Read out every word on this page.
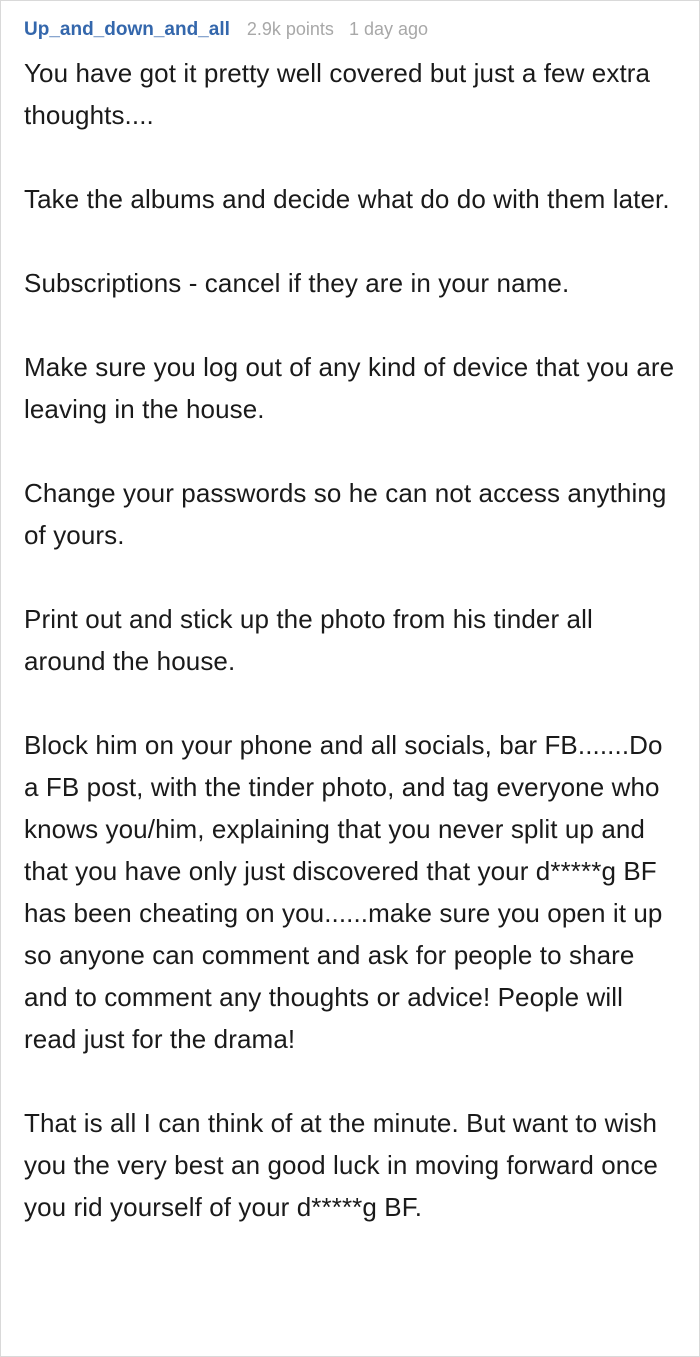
Up_and_down_and_all 2.9k points 1 day ago

You have got it pretty well covered but just a few extra thoughts....

Take the albums and decide what do do with them later.

Subscriptions - cancel if they are in your name.

Make sure you log out of any kind of device that you are leaving in the house.

Change your passwords so he can not access anything of yours.

Print out and stick up the photo from his tinder all around the house.

Block him on your phone and all socials, bar FB.......Do a FB post, with the tinder photo, and tag everyone who knows you/him, explaining that you never split up and that you have only just discovered that your d*****g BF has been cheating on you......make sure you open it up so anyone can comment and ask for people to share and to comment any thoughts or advice! People will read just for the drama!

That is all I can think of at the minute. But want to wish you the very best an good luck in moving forward once you rid yourself of your d*****g BF.
